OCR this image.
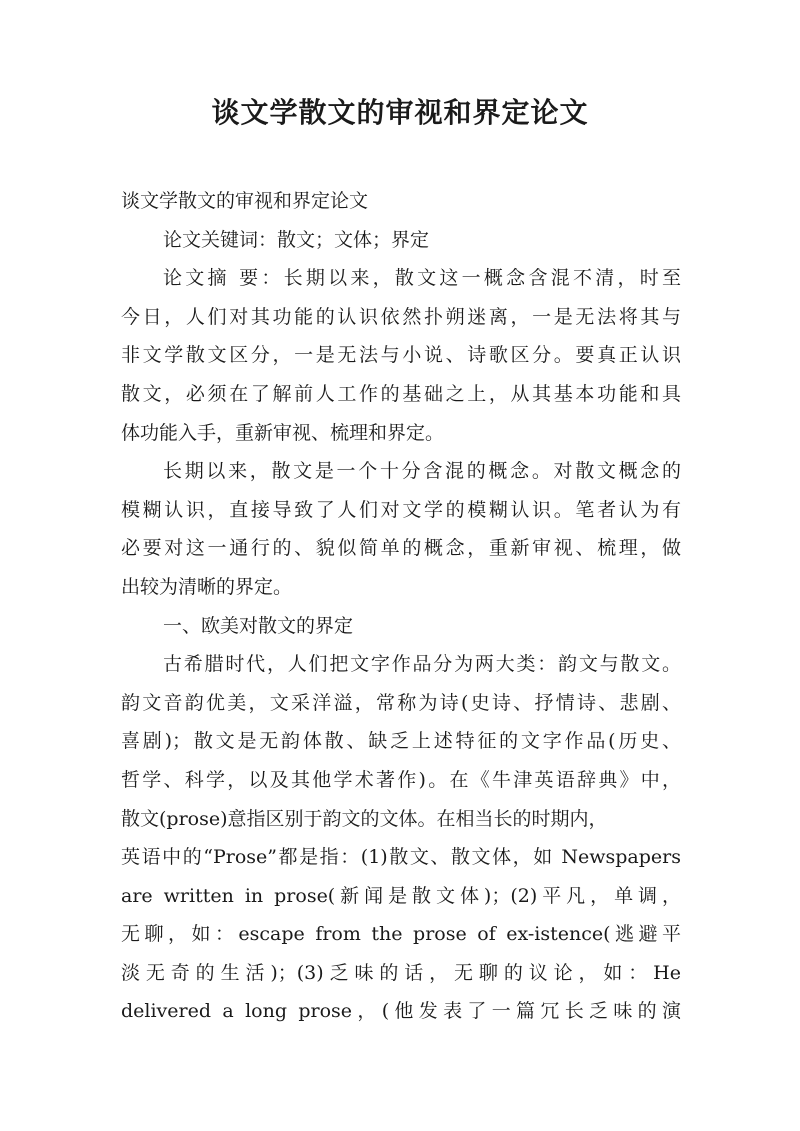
谈文学散文的审视和界定论文
谈文学散文的审视和界定论文
论文关键词：散文；文体；界定
论文摘 要：长期以来，散文这一概念含混不清，时至
今日，人们对其功能的认识依然扑朔迷离，一是无法将其与
非文学散文区分，一是无法与小说、诗歌区分。要真正认识
散文，必须在了解前人工作的基础之上，从其基本功能和具
体功能入手，重新审视、梳理和界定。
长期以来，散文是一个十分含混的概念。对散文概念的
模糊认识，直接导致了人们对文学的模糊认识。笔者认为有
必要对这一通行的、貌似简单的概念，重新审视、梳理，做
出较为清晰的界定。
一、欧美对散文的界定
古希腊时代，人们把文字作品分为两大类：韵文与散文。
韵文音韵优美，文采洋溢，常称为诗(史诗、抒情诗、悲剧、
喜剧)；散文是无韵体散、缺乏上述特征的文字作品(历史、
哲学、科学，以及其他学术著作)。在《牛津英语辞典》中，
散文(prose)意指区别于韵文的文体。在相当长的时期内，
英语中的“Prose”都是指：(1)散文、散文体，如 Newspapers
are written in prose(新闻是散文体)；(2)平凡，单调，
无聊，如：escape from the prose of ex-istence(逃避平
淡无奇的生活)；(3)乏味的话，无聊的议论，如：He
delivered a long prose，(他发表了一篇冗长乏味的演
